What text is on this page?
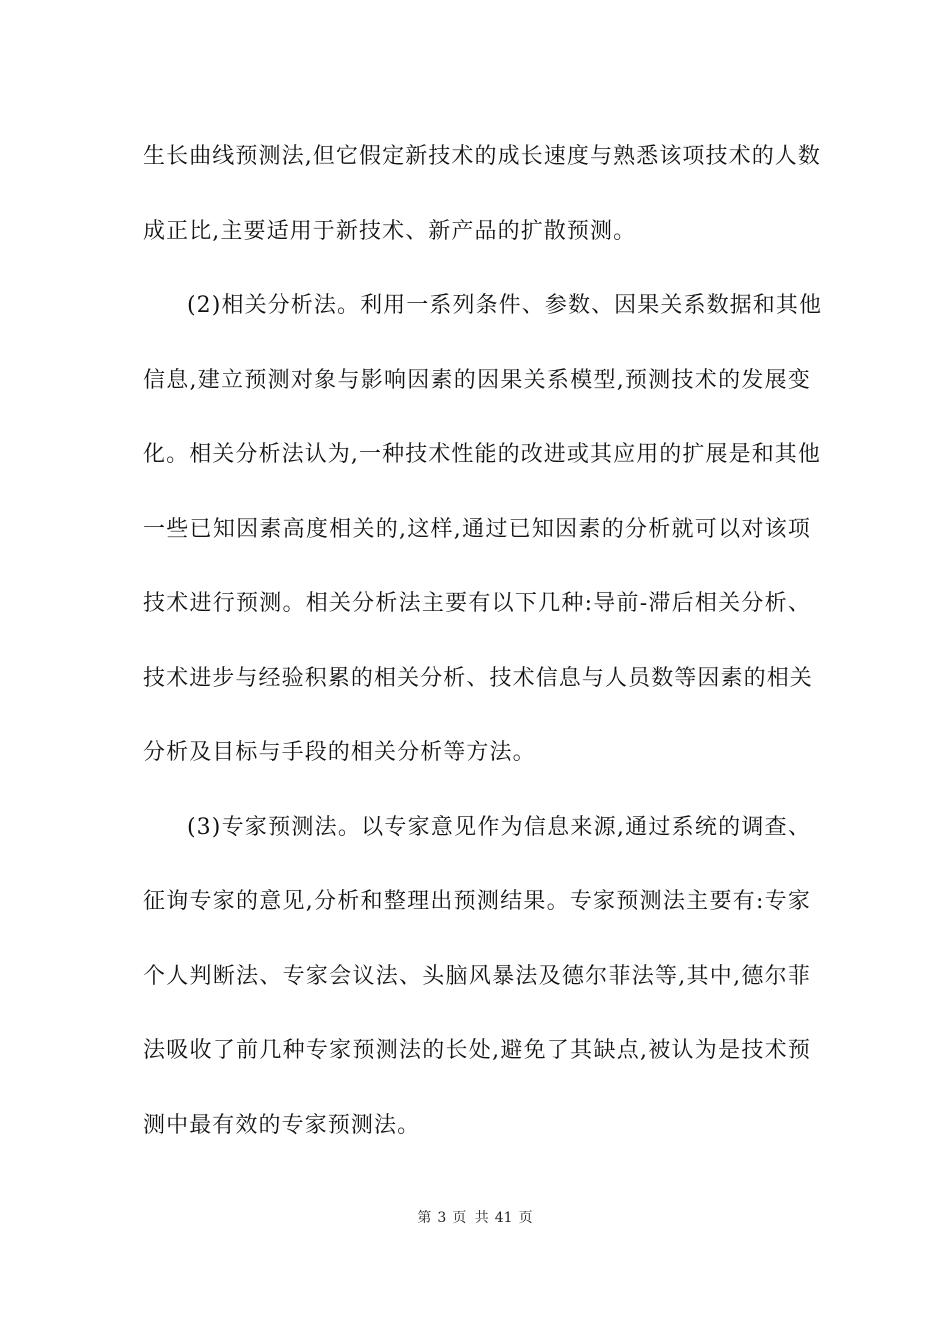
生长曲线预测法,但它假定新技术的成长速度与熟悉该项技术的人数
成正比,主要适用于新技术、新产品的扩散预测。
(2)相关分析法。利用一系列条件、参数、因果关系数据和其他
信息,建立预测对象与影响因素的因果关系模型,预测技术的发展变
化。相关分析法认为,一种技术性能的改进或其应用的扩展是和其他
一些已知因素高度相关的,这样,通过已知因素的分析就可以对该项
技术进行预测。相关分析法主要有以下几种:导前-滞后相关分析、
技术进步与经验积累的相关分析、技术信息与人员数等因素的相关
分析及目标与手段的相关分析等方法。
(3)专家预测法。以专家意见作为信息来源,通过系统的调查、
征询专家的意见,分析和整理出预测结果。专家预测法主要有:专家
个人判断法、专家会议法、头脑风暴法及德尔菲法等,其中,德尔菲
法吸收了前几种专家预测法的长处,避免了其缺点,被认为是技术预
测中最有效的专家预测法。
第 3 页 共 41 页
